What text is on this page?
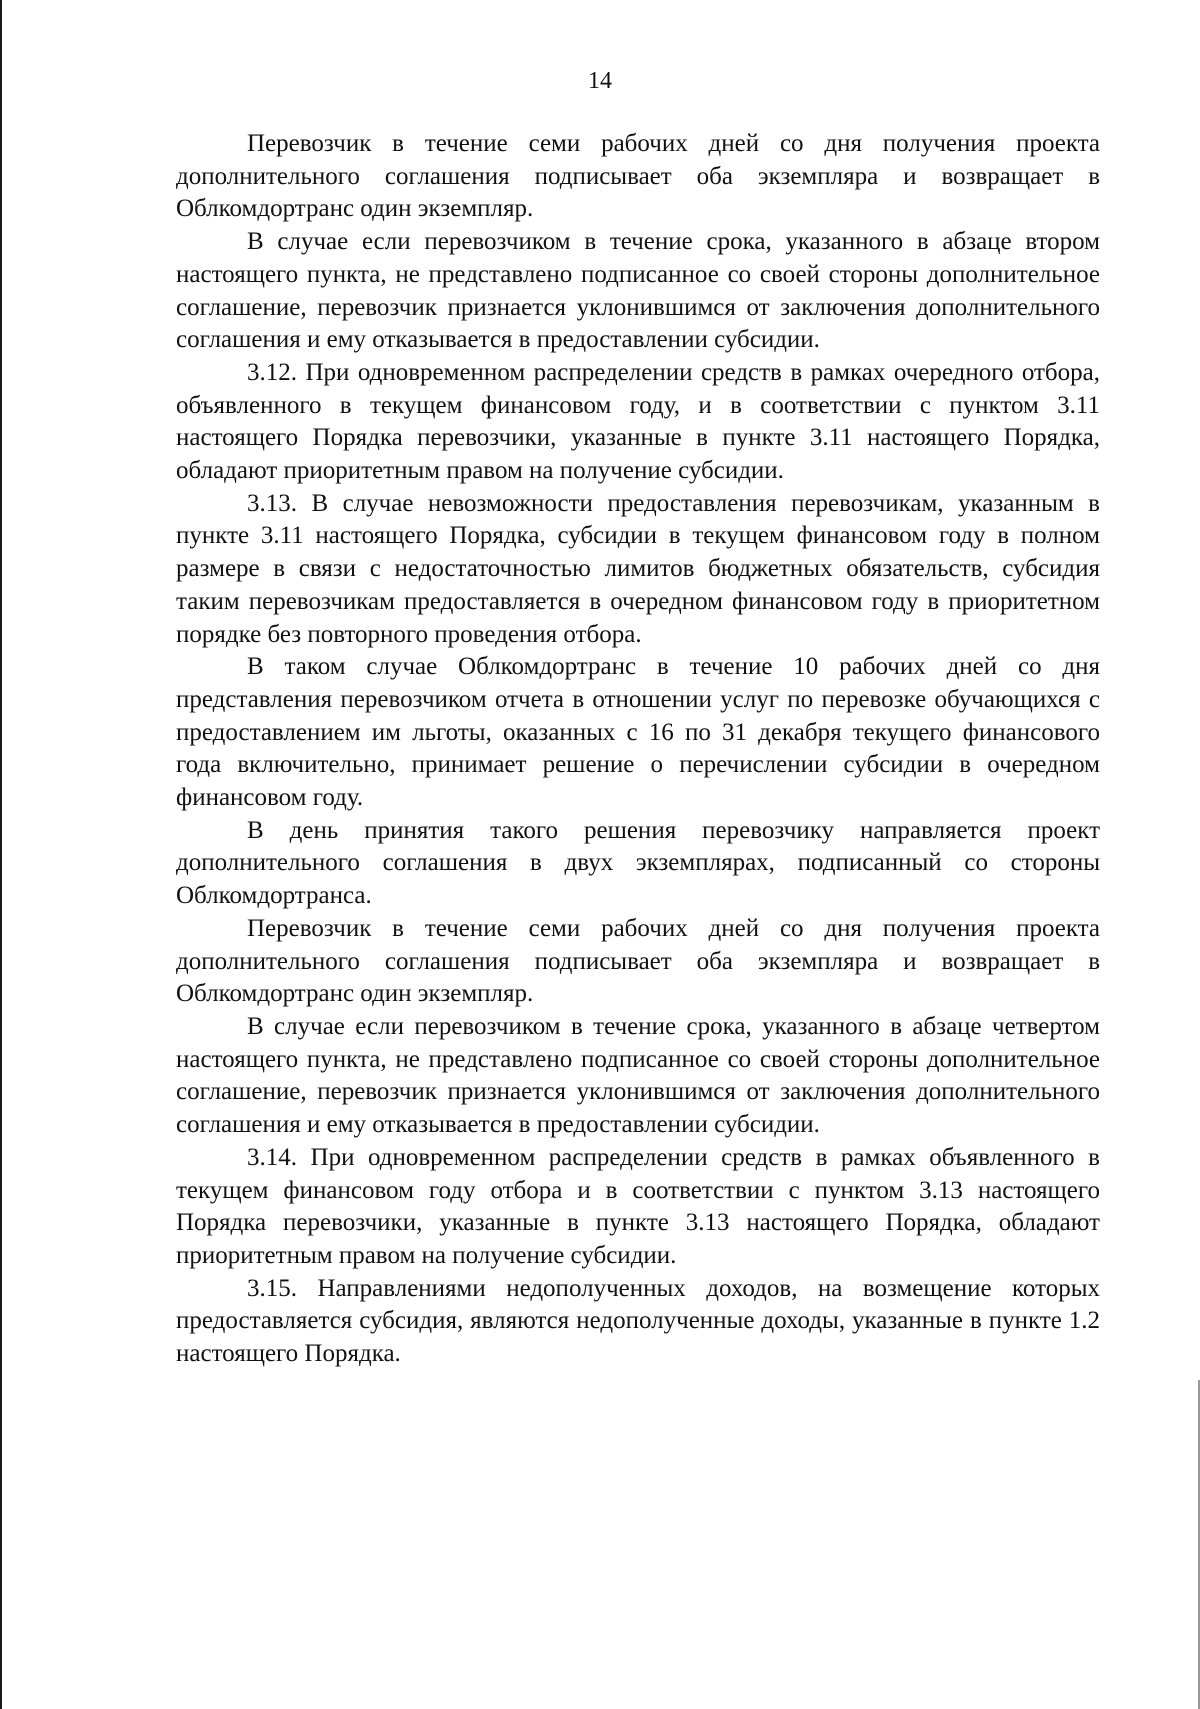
14

Перевозчик в течение семи рабочих дней со дня получения проекта дополнительного соглашения подписывает оба экземпляра и возвращает в Облкомдортранс один экземпляр.

В случае если перевозчиком в течение срока, указанного в абзаце втором настоящего пункта, не представлено подписанное со своей стороны дополнительное соглашение, перевозчик признается уклонившимся от заключения дополнительного соглашения и ему отказывается в предоставлении субсидии.

3.12. При одновременном распределении средств в рамках очередного отбора, объявленного в текущем финансовом году, и в соответствии с пунктом 3.11 настоящего Порядка перевозчики, указанные в пункте 3.11 настоящего Порядка, обладают приоритетным правом на получение субсидии.

3.13. В случае невозможности предоставления перевозчикам, указанным в пункте 3.11 настоящего Порядка, субсидии в текущем финансовом году в полном размере в связи с недостаточностью лимитов бюджетных обязательств, субсидия таким перевозчикам предоставляется в очередном финансовом году в приоритетном порядке без повторного проведения отбора.

В таком случае Облкомдортранс в течение 10 рабочих дней со дня представления перевозчиком отчета в отношении услуг по перевозке обучающихся с предоставлением им льготы, оказанных с 16 по 31 декабря текущего финансового года включительно, принимает решение о перечислении субсидии в очередном финансовом году.

В день принятия такого решения перевозчику направляется проект дополнительного соглашения в двух экземплярах, подписанный со стороны Облкомдортранса.

Перевозчик в течение семи рабочих дней со дня получения проекта дополнительного соглашения подписывает оба экземпляра и возвращает в Облкомдортранс один экземпляр.

В случае если перевозчиком в течение срока, указанного в абзаце четвертом настоящего пункта, не представлено подписанное со своей стороны дополнительное соглашение, перевозчик признается уклонившимся от заключения дополнительного соглашения и ему отказывается в предоставлении субсидии.

3.14. При одновременном распределении средств в рамках объявленного в текущем финансовом году отбора и в соответствии с пунктом 3.13 настоящего Порядка перевозчики, указанные в пункте 3.13 настоящего Порядка, обладают приоритетным правом на получение субсидии.

3.15. Направлениями недополученных доходов, на возмещение которых предоставляется субсидия, являются недополученные доходы, указанные в пункте 1.2 настоящего Порядка.
